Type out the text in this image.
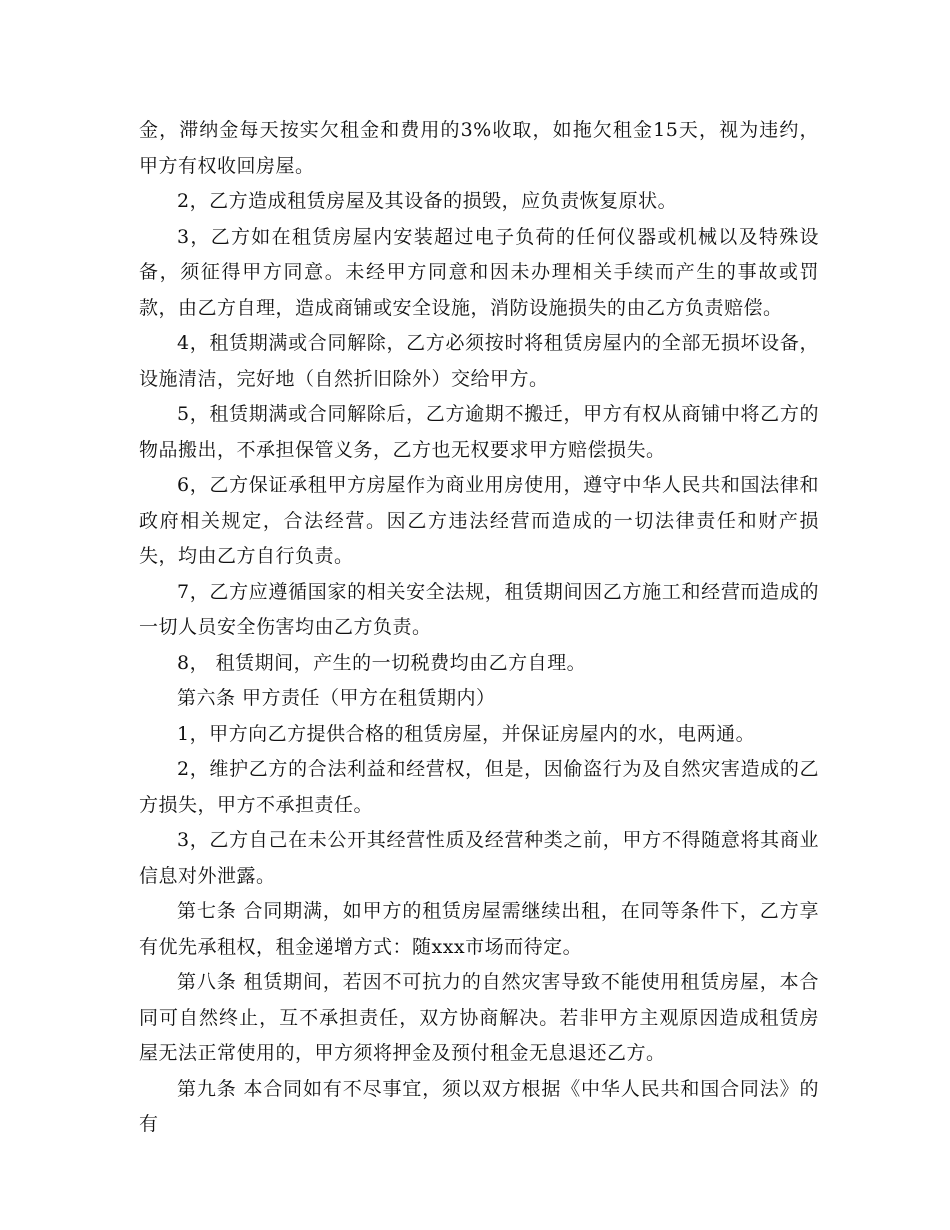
金，滞纳金每天按实欠租金和费用的3%收取，如拖欠租金15天，视为违约，甲方有权收回房屋。

2，乙方造成租赁房屋及其设备的损毁，应负责恢复原状。

3，乙方如在租赁房屋内安装超过电子负荷的任何仪器或机械以及特殊设备，须征得甲方同意。未经甲方同意和因未办理相关手续而产生的事故或罚款，由乙方自理，造成商铺或安全设施，消防设施损失的由乙方负责赔偿。

4，租赁期满或合同解除，乙方必须按时将租赁房屋内的全部无损坏设备，设施清洁，完好地（自然折旧除外）交给甲方。

5，租赁期满或合同解除后，乙方逾期不搬迁，甲方有权从商铺中将乙方的物品搬出，不承担保管义务，乙方也无权要求甲方赔偿损失。

6，乙方保证承租甲方房屋作为商业用房使用，遵守中华人民共和国法律和政府相关规定，合法经营。因乙方违法经营而造成的一切法律责任和财产损失，均由乙方自行负责。

7，乙方应遵循国家的相关安全法规，租赁期间因乙方施工和经营而造成的一切人员安全伤害均由乙方负责。

8， 租赁期间，产生的一切税费均由乙方自理。

第六条 甲方责任（甲方在租赁期内）

1，甲方向乙方提供合格的租赁房屋，并保证房屋内的水，电两通。

2，维护乙方的合法利益和经营权，但是，因偷盗行为及自然灾害造成的乙方损失，甲方不承担责任。

3，乙方自己在未公开其经营性质及经营种类之前，甲方不得随意将其商业信息对外泄露。

第七条 合同期满，如甲方的租赁房屋需继续出租，在同等条件下，乙方享有优先承租权，租金递增方式：随xxx市场而待定。

第八条 租赁期间，若因不可抗力的自然灾害导致不能使用租赁房屋，本合同可自然终止，互不承担责任，双方协商解决。若非甲方主观原因造成租赁房屋无法正常使用的，甲方须将押金及预付租金无息退还乙方。

第九条 本合同如有不尽事宜，须以双方根据《中华人民共和国合同法》的有
